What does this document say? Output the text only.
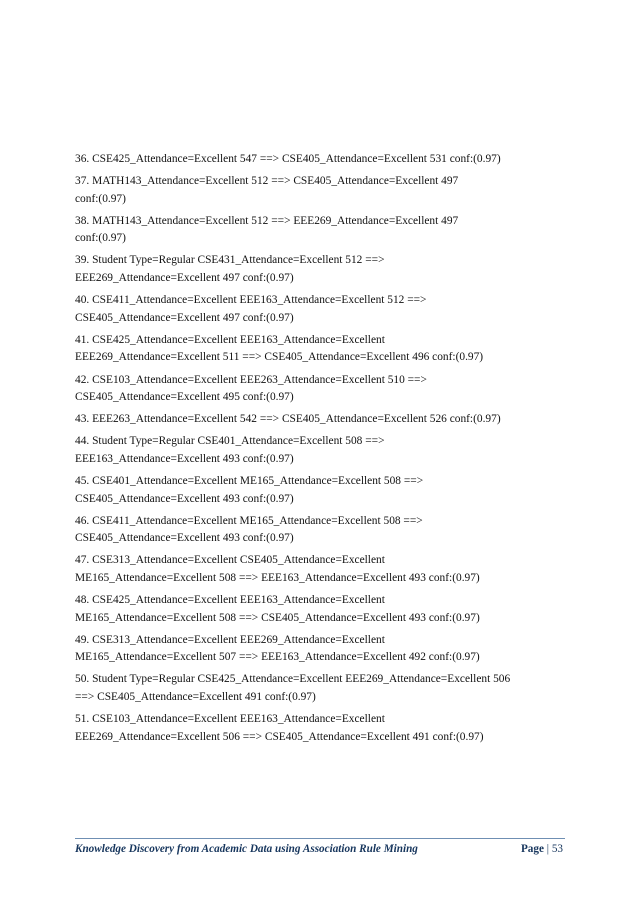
36. CSE425_Attendance=Excellent 547 ==> CSE405_Attendance=Excellent 531 conf:(0.97)
37. MATH143_Attendance=Excellent 512 ==> CSE405_Attendance=Excellent 497
conf:(0.97)
38. MATH143_Attendance=Excellent 512 ==> EEE269_Attendance=Excellent 497
conf:(0.97)
39. Student Type=Regular CSE431_Attendance=Excellent 512 ==>
EEE269_Attendance=Excellent 497 conf:(0.97)
40. CSE411_Attendance=Excellent EEE163_Attendance=Excellent 512 ==>
CSE405_Attendance=Excellent 497 conf:(0.97)
41. CSE425_Attendance=Excellent EEE163_Attendance=Excellent
EEE269_Attendance=Excellent 511 ==> CSE405_Attendance=Excellent 496 conf:(0.97)
42. CSE103_Attendance=Excellent EEE263_Attendance=Excellent 510 ==>
CSE405_Attendance=Excellent 495 conf:(0.97)
43. EEE263_Attendance=Excellent 542 ==> CSE405_Attendance=Excellent 526 conf:(0.97)
44. Student Type=Regular CSE401_Attendance=Excellent 508 ==>
EEE163_Attendance=Excellent 493 conf:(0.97)
45. CSE401_Attendance=Excellent ME165_Attendance=Excellent 508 ==>
CSE405_Attendance=Excellent 493 conf:(0.97)
46. CSE411_Attendance=Excellent ME165_Attendance=Excellent 508 ==>
CSE405_Attendance=Excellent 493 conf:(0.97)
47. CSE313_Attendance=Excellent CSE405_Attendance=Excellent
ME165_Attendance=Excellent 508 ==> EEE163_Attendance=Excellent 493 conf:(0.97)
48. CSE425_Attendance=Excellent EEE163_Attendance=Excellent
ME165_Attendance=Excellent 508 ==> CSE405_Attendance=Excellent 493 conf:(0.97)
49. CSE313_Attendance=Excellent EEE269_Attendance=Excellent
ME165_Attendance=Excellent 507 ==> EEE163_Attendance=Excellent 492 conf:(0.97)
50. Student Type=Regular CSE425_Attendance=Excellent EEE269_Attendance=Excellent 506
==> CSE405_Attendance=Excellent 491 conf:(0.97)
51. CSE103_Attendance=Excellent EEE163_Attendance=Excellent
EEE269_Attendance=Excellent 506 ==> CSE405_Attendance=Excellent 491 conf:(0.97)
Knowledge Discovery from Academic Data using Association Rule Mining	Page | 53
